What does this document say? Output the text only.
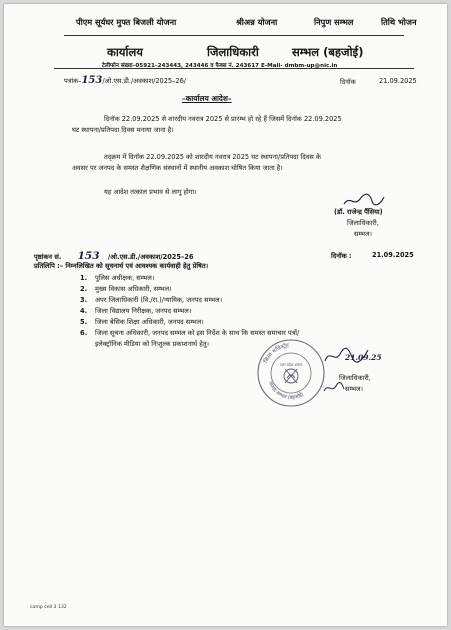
पीएम सूर्यघर मुफ्त बिजली योजना	श्रीअन्न योजना	निपुण सम्भल	तिथि भोजन
कार्यालय	जिलाधिकारी	सम्भल (बहजोई)
टेलीफोन संख्या–05921–243443, 243446 व फैक्स नं. 243617 E-Mail- dmbm-up@nic.in
पत्रांक–153/ओ.एस.डी./अवकाश/2025–26/	दिनॉक	21.09.2025
–कार्यालय आदेश–
दिनॉक 22.09.2025 से शारदीय नवरात्र 2025 से प्रारम्भ हो रहे हैं जिसमें दिनॉक 22.09.2025
घट स्थापना/प्रतिपदा दिवस मनाया जाना है।
तद्क्रम में दिनॉक 22.09.2025 को शारदीय नवरात्र 2025 घट स्थापना/प्रतिपदा दिवस के
अवसर पर जनपद के समस्त शैक्षणिक संस्थानों में स्थानीय अवकाश घोषित किया जाता है।
यह आदेश तत्काल प्रभाव से लागू होगा।
(डॉ. राजेन्द्र पैंसिया)
जिलाधिकारी,
सम्भल।
पृष्ठांकन सं. 153 /ओ.एस.डी./अवकाश/2025–26	दिनॉक :	21.09.2025
प्रतिलिपि :– निम्नलिखित को सूचनार्थ एवं आवश्यक कार्यवाही हेतु प्रेषित।
1. पुलिस अधीक्षक, सम्भल।
2. मुख्य विकास अधिकारी, सम्भल।
3. अपर जिलाधिकारी (वि./रा.)/न्यायिक, जनपद सम्भल।
4. जिला विद्यालय निरीक्षक, जनपद सम्भल।
5. जिला बेसिक शिक्षा अधिकारी, जनपद सम्भल।
6. जिला सूचना अधिकारी, जनपद सम्भल को इस निर्देश के साथ कि समस्त समाचार पत्रों/
इलेक्ट्रॉनिक मीडिया को निःशुल्क प्रकाशनार्थ हेतु।
जिला मजिस्ट्रेट
जनपद सम्भल (बहजोई)
उत्तर प्रदेश शासन
21.09.25
जिलाधिकारी,
सम्भल।
camp cell 3 132
